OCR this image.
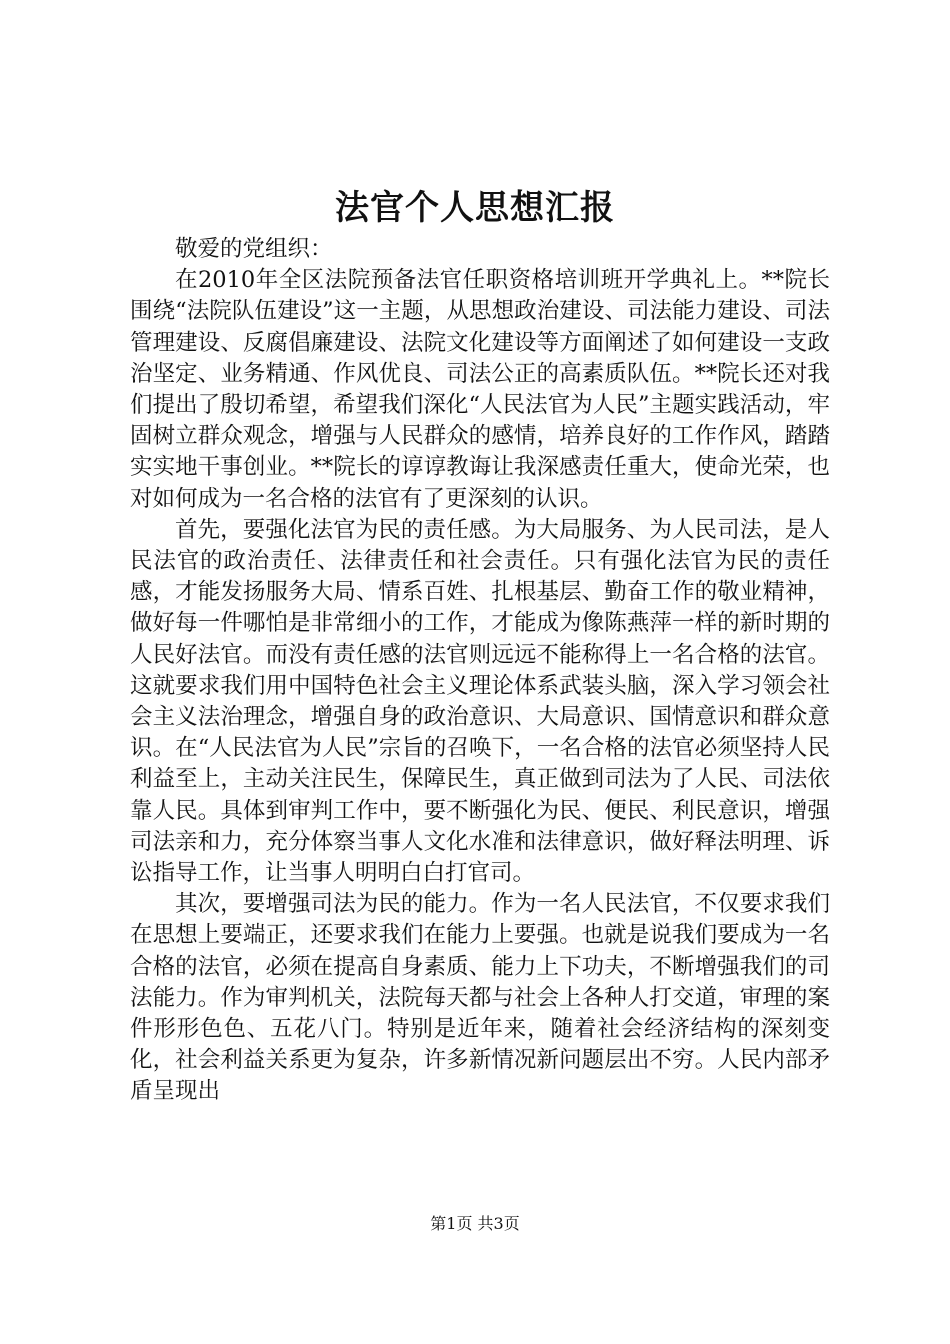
法官个人思想汇报

敬爱的党组织：

在2010年全区法院预备法官任职资格培训班开学典礼上。**院长围绕“法院队伍建设”这一主题，从思想政治建设、司法能力建设、司法管理建设、反腐倡廉建设、法院文化建设等方面阐述了如何建设一支政治坚定、业务精通、作风优良、司法公正的高素质队伍。**院长还对我们提出了殷切希望，希望我们深化“人民法官为人民”主题实践活动，牢固树立群众观念，增强与人民群众的感情，培养良好的工作作风，踏踏实实地干事创业。**院长的谆谆教诲让我深感责任重大，使命光荣，也对如何成为一名合格的法官有了更深刻的认识。

首先，要强化法官为民的责任感。为大局服务、为人民司法，是人民法官的政治责任、法律责任和社会责任。只有强化法官为民的责任感，才能发扬服务大局、情系百姓、扎根基层、勤奋工作的敬业精神，做好每一件哪怕是非常细小的工作，才能成为像陈燕萍一样的新时期的人民好法官。而没有责任感的法官则远远不能称得上一名合格的法官。这就要求我们用中国特色社会主义理论体系武装头脑，深入学习领会社会主义法治理念，增强自身的政治意识、大局意识、国情意识和群众意识。在“人民法官为人民”宗旨的召唤下，一名合格的法官必须坚持人民利益至上，主动关注民生，保障民生，真正做到司法为了人民、司法依靠人民。具体到审判工作中，要不断强化为民、便民、利民意识，增强司法亲和力，充分体察当事人文化水准和法律意识，做好释法明理、诉讼指导工作，让当事人明明白白打官司。

其次，要增强司法为民的能力。作为一名人民法官，不仅要求我们在思想上要端正，还要求我们在能力上要强。也就是说我们要成为一名合格的法官，必须在提高自身素质、能力上下功夫，不断增强我们的司法能力。作为审判机关，法院每天都与社会上各种人打交道，审理的案件形形色色、五花八门。特别是近年来，随着社会经济结构的深刻变化，社会利益关系更为复杂，许多新情况新问题层出不穷。人民内部矛盾呈现出

第1页 共3页
